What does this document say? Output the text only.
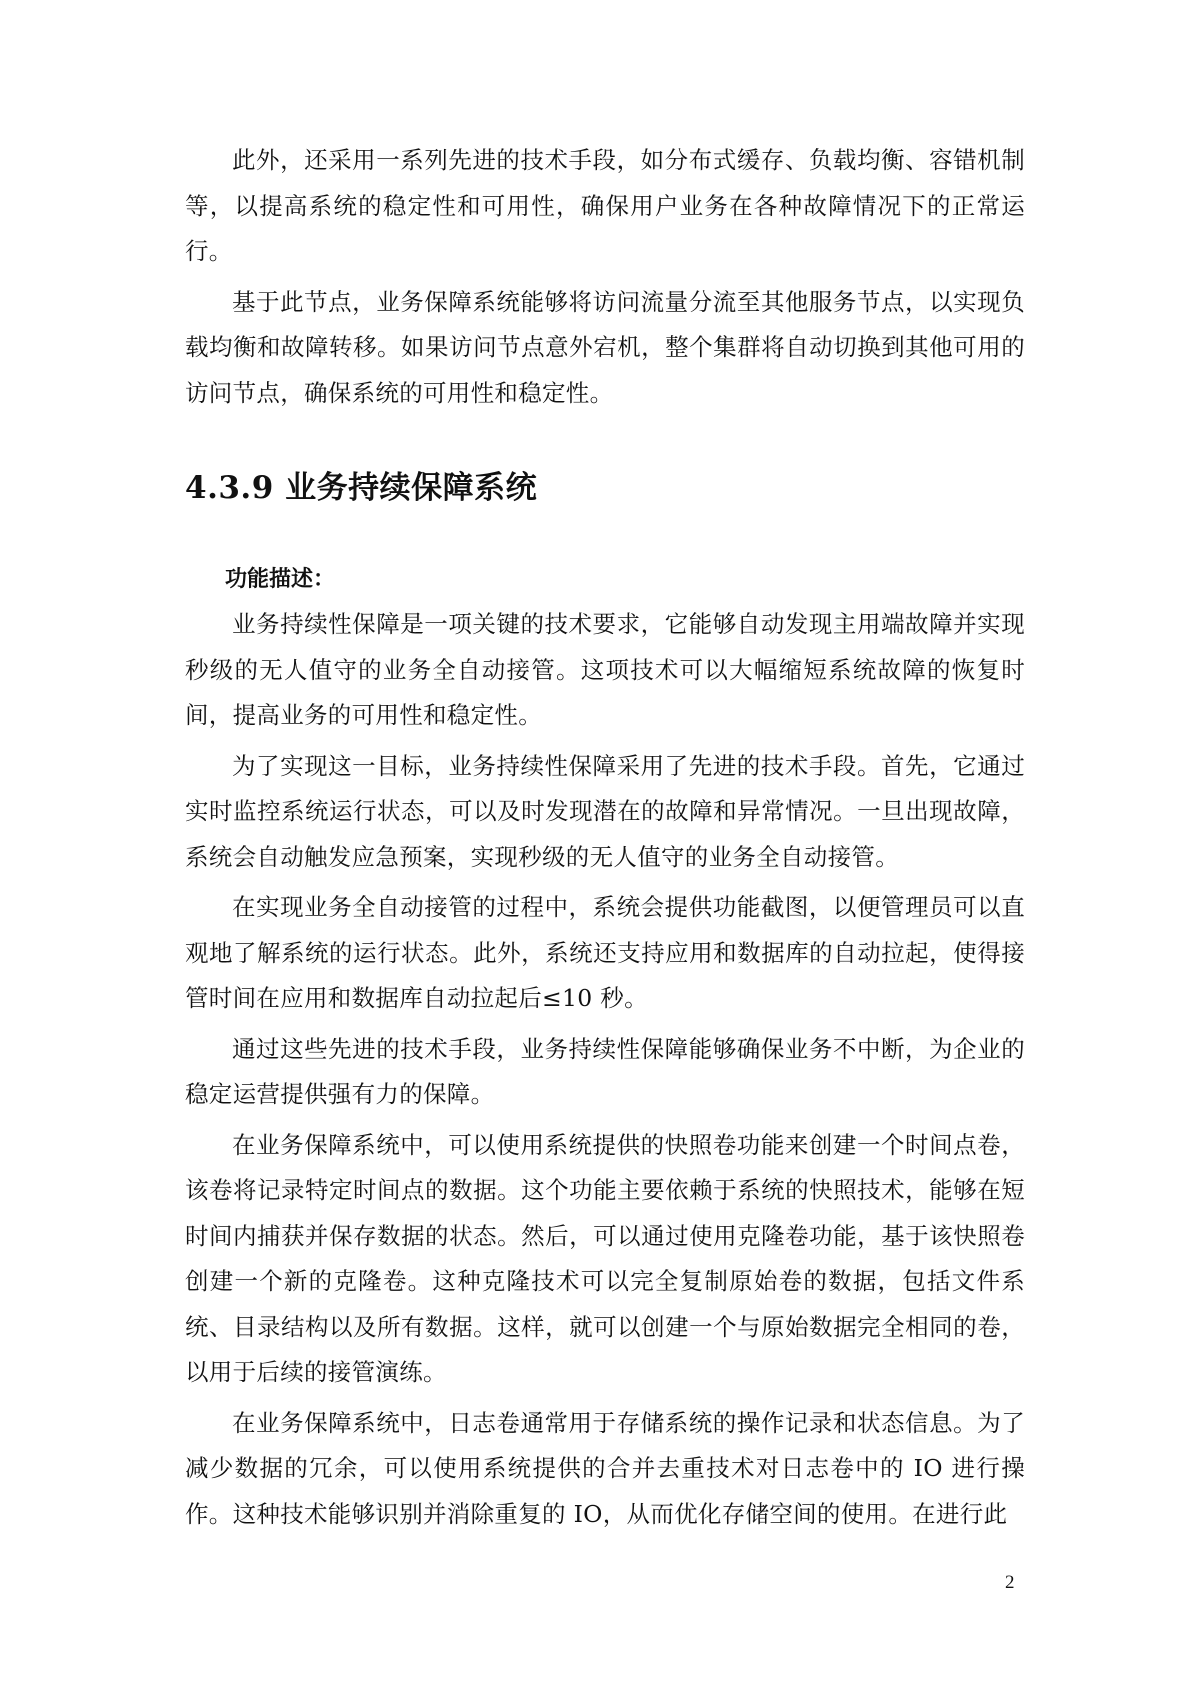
此外，还采用一系列先进的技术手段，如分布式缓存、负载均衡、容错机制等，以提高系统的稳定性和可用性，确保用户业务在各种故障情况下的正常运行。

基于此节点，业务保障系统能够将访问流量分流至其他服务节点，以实现负载均衡和故障转移。如果访问节点意外宕机，整个集群将自动切换到其他可用的访问节点，确保系统的可用性和稳定性。

4.3.9 业务持续保障系统
功能描述：

业务持续性保障是一项关键的技术要求，它能够自动发现主用端故障并实现秒级的无人值守的业务全自动接管。这项技术可以大幅缩短系统故障的恢复时间，提高业务的可用性和稳定性。

为了实现这一目标，业务持续性保障采用了先进的技术手段。首先，它通过实时监控系统运行状态，可以及时发现潜在的故障和异常情况。一旦出现故障，系统会自动触发应急预案，实现秒级的无人值守的业务全自动接管。

在实现业务全自动接管的过程中，系统会提供功能截图，以便管理员可以直观地了解系统的运行状态。此外，系统还支持应用和数据库的自动拉起，使得接管时间在应用和数据库自动拉起后≤10 秒。

通过这些先进的技术手段，业务持续性保障能够确保业务不中断，为企业的稳定运营提供强有力的保障。

在业务保障系统中，可以使用系统提供的快照卷功能来创建一个时间点卷，该卷将记录特定时间点的数据。这个功能主要依赖于系统的快照技术，能够在短时间内捕获并保存数据的状态。然后，可以通过使用克隆卷功能，基于该快照卷创建一个新的克隆卷。这种克隆技术可以完全复制原始卷的数据，包括文件系统、目录结构以及所有数据。这样，就可以创建一个与原始数据完全相同的卷，以用于后续的接管演练。

在业务保障系统中，日志卷通常用于存储系统的操作记录和状态信息。为了减少数据的冗余，可以使用系统提供的合并去重技术对日志卷中的 IO 进行操作。这种技术能够识别并消除重复的 IO，从而优化存储空间的使用。在进行此

2
